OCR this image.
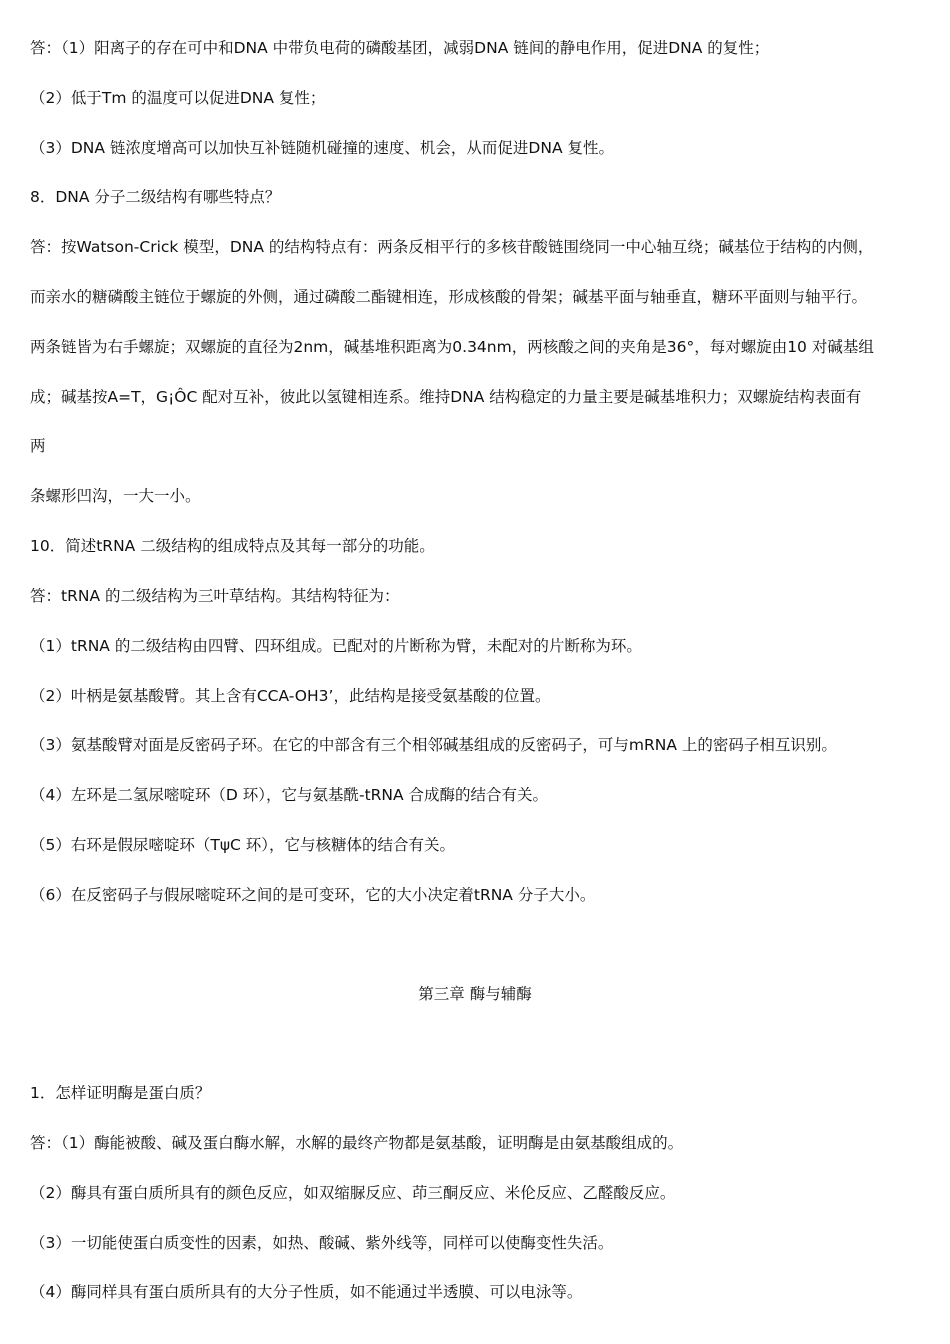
答：（1）阳离子的存在可中和DNA 中带负电荷的磷酸基团，减弱DNA 链间的静电作用，促进DNA 的复性；
（2）低于Tm 的温度可以促进DNA 复性；
（3）DNA 链浓度增高可以加快互补链随机碰撞的速度、机会，从而促进DNA 复性。
8．DNA 分子二级结构有哪些特点？
答：按Watson-Crick 模型，DNA 的结构特点有：两条反相平行的多核苷酸链围绕同一中心轴互绕；碱基位于结构的内侧，
而亲水的糖磷酸主链位于螺旋的外侧，通过磷酸二酯键相连，形成核酸的骨架；碱基平面与轴垂直，糖环平面则与轴平行。
两条链皆为右手螺旋；双螺旋的直径为2nm，碱基堆积距离为0.34nm，两核酸之间的夹角是36°，每对螺旋由10 对碱基组
成；碱基按A=T，G¡ÔC 配对互补，彼此以氢键相连系。维持DNA 结构稳定的力量主要是碱基堆积力；双螺旋结构表面有
两
条螺形凹沟，一大一小。
10．简述tRNA 二级结构的组成特点及其每一部分的功能。
答：tRNA 的二级结构为三叶草结构。其结构特征为：
（1）tRNA 的二级结构由四臂、四环组成。已配对的片断称为臂，未配对的片断称为环。
（2）叶柄是氨基酸臂。其上含有CCA-OH3’，此结构是接受氨基酸的位置。
（3）氨基酸臂对面是反密码子环。在它的中部含有三个相邻碱基组成的反密码子，可与mRNA 上的密码子相互识别。
（4）左环是二氢尿嘧啶环（D 环），它与氨基酰-tRNA 合成酶的结合有关。
（5）右环是假尿嘧啶环（TψC 环），它与核糖体的结合有关。
（6）在反密码子与假尿嘧啶环之间的是可变环，它的大小决定着tRNA 分子大小。
第三章 酶与辅酶
1．怎样证明酶是蛋白质？
答：（1）酶能被酸、碱及蛋白酶水解，水解的最终产物都是氨基酸，证明酶是由氨基酸组成的。
（2）酶具有蛋白质所具有的颜色反应，如双缩脲反应、茚三酮反应、米伦反应、乙醛酸反应。
（3）一切能使蛋白质变性的因素，如热、酸碱、紫外线等，同样可以使酶变性失活。
（4）酶同样具有蛋白质所具有的大分子性质，如不能通过半透膜、可以电泳等。
